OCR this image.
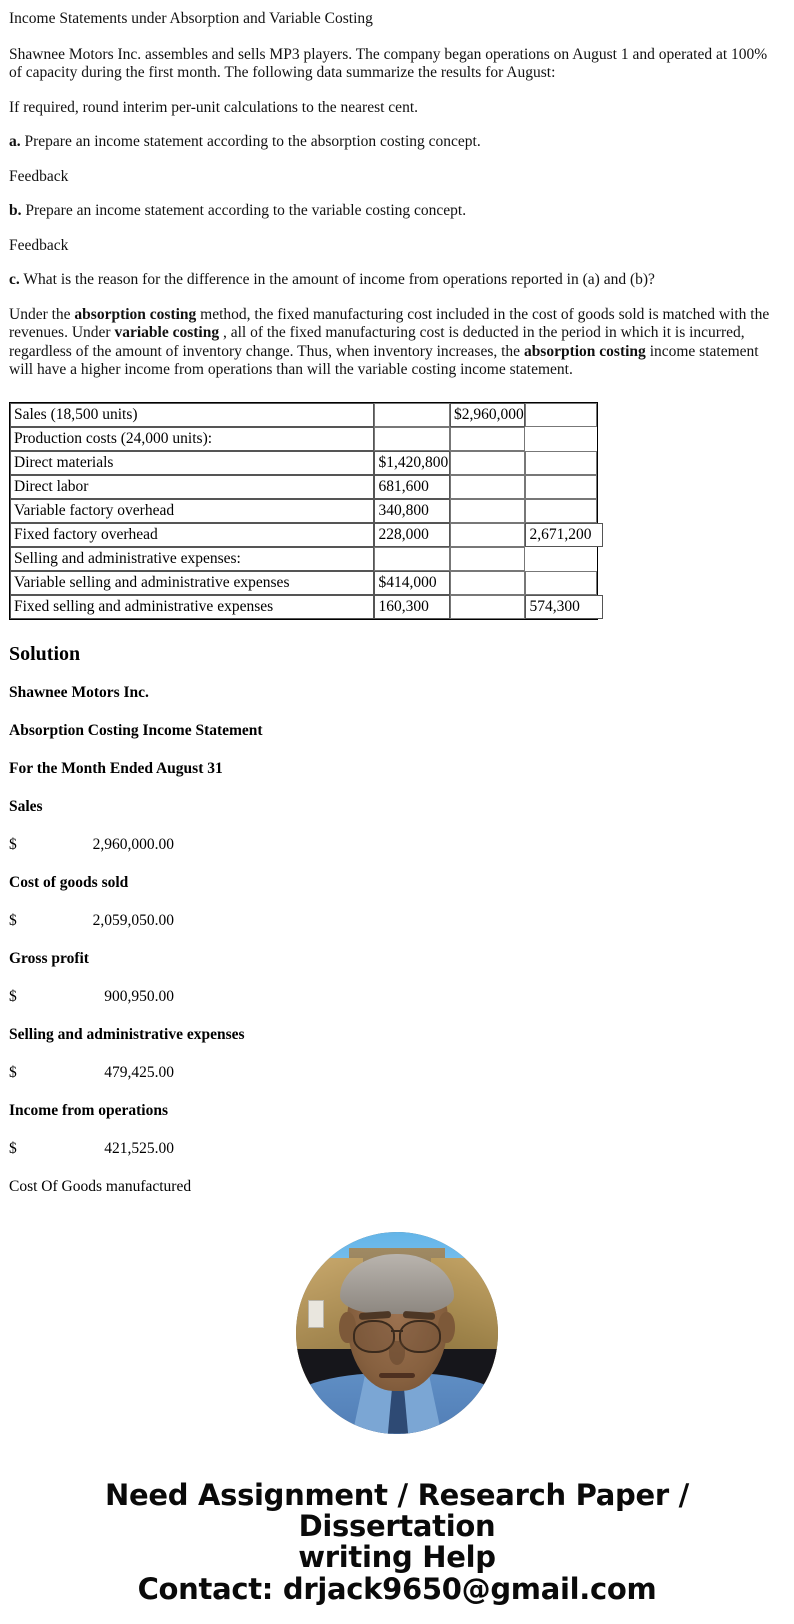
Income Statements under Absorption and Variable Costing

Shawnee Motors Inc. assembles and sells MP3 players. The company began operations on August 1 and operated at 100% of capacity during the first month. The following data summarize the results for August:

If required, round interim per-unit calculations to the nearest cent.

a. Prepare an income statement according to the absorption costing concept.

Feedback

b. Prepare an income statement according to the variable costing concept.

Feedback

c. What is the reason for the difference in the amount of income from operations reported in (a) and (b)?

Under the absorption costing method, the fixed manufacturing cost included in the cost of goods sold is matched with the revenues. Under variable costing , all of the fixed manufacturing cost is deducted in the period in which it is incurred, regardless of the amount of inventory change. Thus, when inventory increases, the absorption costing income statement will have a higher income from operations than will the variable costing income statement.

Sales (18,500 units)		$2,960,000	
Production costs (24,000 units):			
Direct materials	$1,420,800		
Direct labor	681,600		
Variable factory overhead	340,800		
Fixed factory overhead	228,000		2,671,200

Selling and administrative expenses:			
Variable selling and administrative expenses	$414,000		
Fixed selling and administrative expenses	160,300		574,300
Solution
Shawnee Motors Inc.
Absorption Costing Income Statement
For the Month Ended August 31
Sales
$	2,960,000.00
Cost of goods sold
$	2,059,050.00
Gross profit
$	900,950.00
Selling and administrative expenses
$	479,425.00
Income from operations
$	421,525.00
Cost Of Goods manufactured
Need Assignment / Research Paper / Dissertation
writing Help
Contact: drjack9650@gmail.com
